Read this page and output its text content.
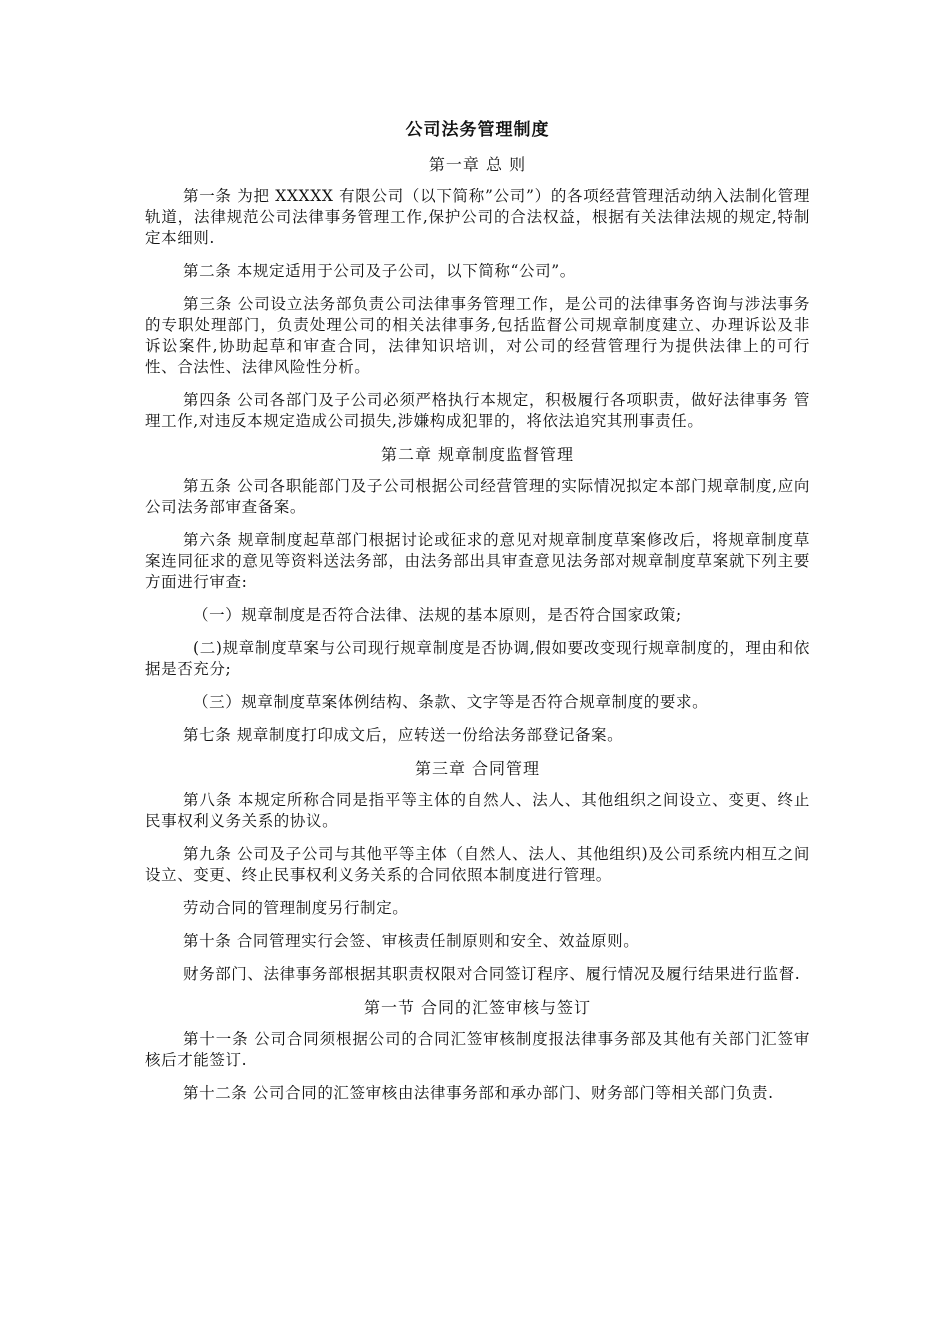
公司法务管理制度
第一章 总 则

第一条 为把 XXXXX 有限公司（以下简称”公司”）的各项经营管理活动纳入法制化管理轨道，法律规范公司法律事务管理工作,保护公司的合法权益，根据有关法律法规的规定,特制定本细则.

第二条 本规定适用于公司及子公司，以下简称“公司”。

第三条 公司设立法务部负责公司法律事务管理工作，是公司的法律事务咨询与涉法事务的专职处理部门，负责处理公司的相关法律事务,包括监督公司规章制度建立、办理诉讼及非诉讼案件,协助起草和审查合同，法律知识培训，对公司的经营管理行为提供法律上的可行性、合法性、法律风险性分析。

第四条 公司各部门及子公司必须严格执行本规定，积极履行各项职责，做好法律事务 管理工作,对违反本规定造成公司损失,涉嫌构成犯罪的，将依法追究其刑事责任。

第二章 规章制度监督管理

第五条 公司各职能部门及子公司根据公司经营管理的实际情况拟定本部门规章制度,应向公司法务部审查备案。

第六条 规章制度起草部门根据讨论或征求的意见对规章制度草案修改后，将规章制度草案连同征求的意见等资料送法务部，由法务部出具审查意见法务部对规章制度草案就下列主要方面进行审查:

（一）规章制度是否符合法律、法规的基本原则，是否符合国家政策;

(二)规章制度草案与公司现行规章制度是否协调,假如要改变现行规章制度的，理由和依据是否充分;

（三）规章制度草案体例结构、条款、文字等是否符合规章制度的要求。

第七条 规章制度打印成文后，应转送一份给法务部登记备案。

第三章 合同管理

第八条 本规定所称合同是指平等主体的自然人、法人、其他组织之间设立、变更、终止民事权利义务关系的协议。

第九条 公司及子公司与其他平等主体（自然人、法人、其他组织)及公司系统内相互之间设立、变更、终止民事权利义务关系的合同依照本制度进行管理。

劳动合同的管理制度另行制定。

第十条 合同管理实行会签、审核责任制原则和安全、效益原则。

财务部门、法律事务部根据其职责权限对合同签订程序、履行情况及履行结果进行监督.

第一节 合同的汇签审核与签订

第十一条 公司合同须根据公司的合同汇签审核制度报法律事务部及其他有关部门汇签审核后才能签订.

第十二条 公司合同的汇签审核由法律事务部和承办部门、财务部门等相关部门负责.
